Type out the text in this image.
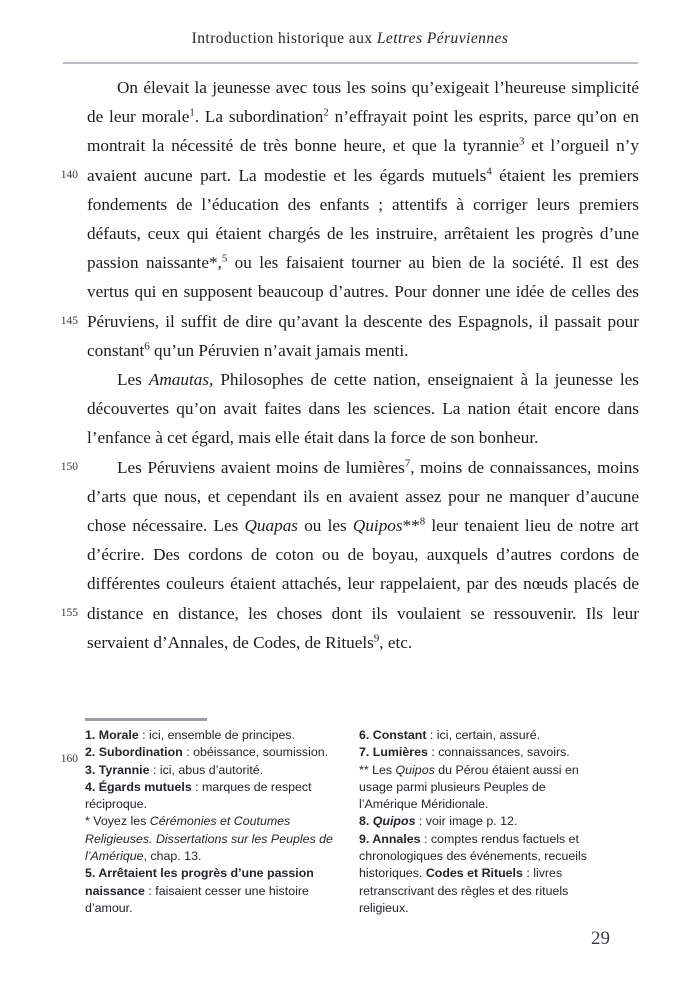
Introduction historique aux Lettres Péruviennes
140
145
150
155
160

On élevait la jeunesse avec tous les soins qu’exigeait l’heureuse simplicité de leur morale$^1$. La subordination$^2$ n’effrayait point les esprits, parce qu’on en montrait la nécessité de très bonne heure, et que la tyrannie$^3$ et l’orgueil n’y avaient aucune part. La modestie et les égards mutuels$^4$ étaient les premiers fondements de l’éducation des enfants ; attentifs à corriger leurs premiers défauts, ceux qui étaient chargés de les instruire, arrêtaient les progrès d’une passion naissante*,$^5$ ou les faisaient tourner au bien de la société. Il est des vertus qui en supposent beaucoup d’autres. Pour donner une idée de celles des Péruviens, il suffit de dire qu’avant la descente des Espagnols, il passait pour constant$^6$ qu’un Péruvien n’avait jamais menti.

Les Amautas, Philosophes de cette nation, enseignaient à la jeunesse les découvertes qu’on avait faites dans les sciences. La nation était encore dans l’enfance à cet égard, mais elle était dans la force de son bonheur.

Les Péruviens avaient moins de lumières$^7$, moins de connaissances, moins d’arts que nous, et cependant ils en avaient assez pour ne manquer d’aucune chose nécessaire. Les Quapas ou les Quipos**$^8$ leur tenaient lieu de notre art d’écrire. Des cordons de coton ou de boyau, auxquels d’autres cordons de différentes couleurs étaient attachés, leur rappelaient, par des nœuds placés de distance en distance, les choses dont ils voulaient se ressouvenir. Ils leur servaient d’Annales, de Codes, de Rituels$^9$, etc.

1. Morale : ici, ensemble de principes.

2. Subordination : obéissance, soumission.

3. Tyrannie : ici, abus d’autorité.

4. Égards mutuels : marques de respect réciproque.

* Voyez les Cérémonies et Coutumes Religieuses. Dissertations sur les Peuples de l’Amérique, chap. 13.

5. Arrêtaient les progrès d’une passion naissance : faisaient cesser une histoire d’amour.

6. Constant : ici, certain, assuré.

7. Lumières : connaissances, savoirs.

** Les Quipos du Pérou étaient aussi en usage parmi plusieurs Peuples de l’Amérique Méridionale.

8. Quipos : voir image p. 12.

9. Annales : comptes rendus factuels et chronologiques des événements, recueils historiques. Codes et Rituels : livres retranscrivant des règles et des rituels religieux.

29
